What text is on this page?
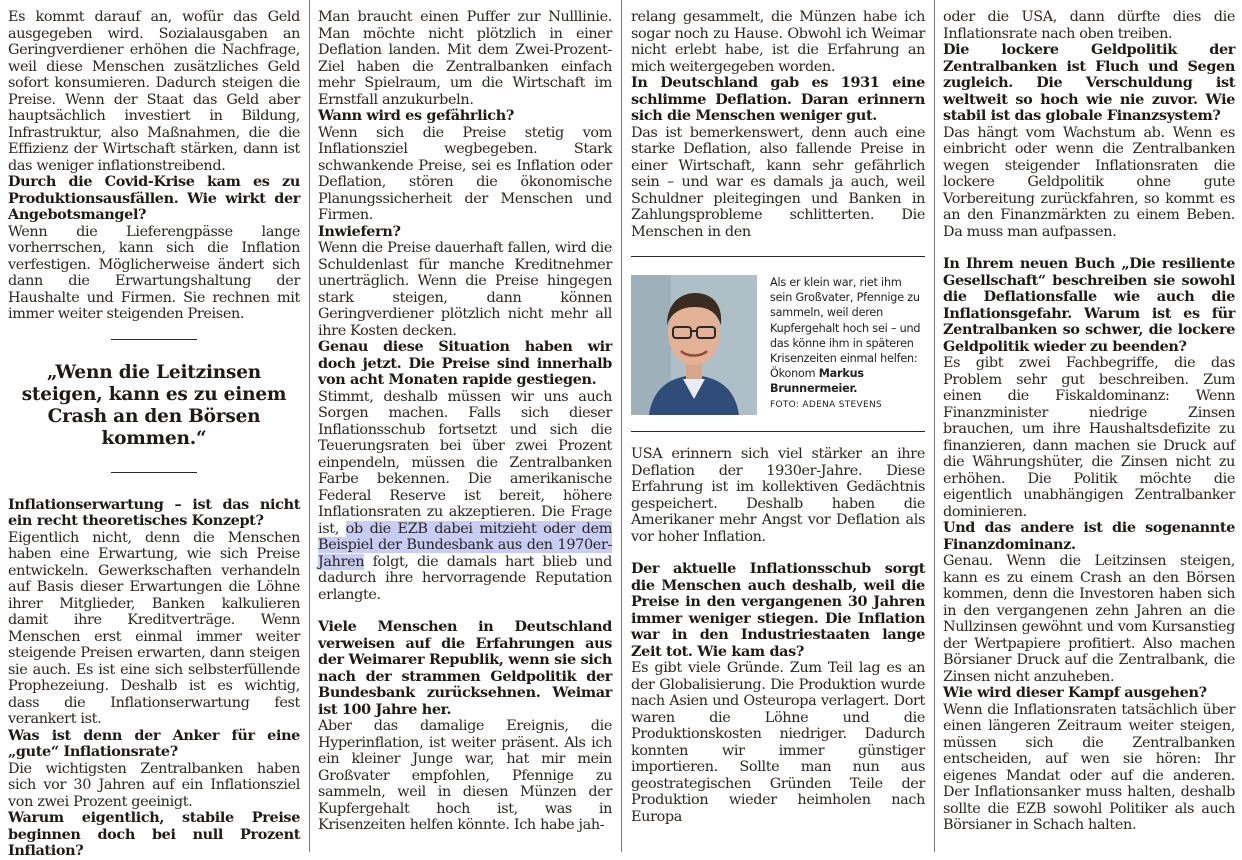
Es kommt darauf an, wofür das Geld ausgegeben wird. Sozialausgaben an Geringverdiener erhöhen die Nachfrage, weil diese Menschen zusätzliches Geld sofort konsumieren. Dadurch steigen die Preise. Wenn der Staat das Geld aber hauptsächlich investiert in Bildung, Infrastruktur, also Maßnahmen, die die Effizienz der Wirtschaft stärken, dann ist das weniger inflationstreibend.

Durch die Covid-Krise kam es zu Produktionsausfällen. Wie wirkt der Angebotsmangel?

Wenn die Lieferengpässe lange vorherrschen, kann sich die Inflation verfestigen. Möglicherweise ändert sich dann die Erwartungshaltung der Haushalte und Firmen. Sie rechnen mit immer weiter steigenden Preisen.

„Wenn die Leitzinsen steigen, kann es zu einem Crash an den Börsen kommen.“

Inflationserwartung – ist das nicht ein recht theoretisches Konzept?

Eigentlich nicht, denn die Menschen haben eine Erwartung, wie sich Preise entwickeln. Gewerkschaften verhandeln auf Basis dieser Erwartungen die Löhne ihrer Mitglieder, Banken kalkulieren damit ihre Kreditverträge. Wenn Menschen erst einmal immer weiter steigende Preisen erwarten, dann steigen sie auch. Es ist eine sich selbsterfüllende Prophezeiung. Deshalb ist es wichtig, dass die Inflationserwartung fest verankert ist.

Was ist denn der Anker für eine „gute“ Inflationsrate?

Die wichtigsten Zentralbanken haben sich vor 30 Jahren auf ein Inflationsziel von zwei Prozent geeinigt.

Warum eigentlich, stabile Preise beginnen doch bei null Prozent Inflation?

Man braucht einen Puffer zur Nulllinie. Man möchte nicht plötzlich in einer Deflation landen. Mit dem Zwei-Prozent-Ziel haben die Zentralbanken einfach mehr Spielraum, um die Wirtschaft im Ernstfall anzukurbeln.

Wann wird es gefährlich?

Wenn sich die Preise stetig vom Inflationsziel wegbegeben. Stark schwankende Preise, sei es Inflation oder Deflation, stören die ökonomische Planungssicherheit der Menschen und Firmen.

Inwiefern?

Wenn die Preise dauerhaft fallen, wird die Schuldenlast für manche Kreditnehmer unerträglich. Wenn die Preise hingegen stark steigen, dann können Geringverdiener plötzlich nicht mehr all ihre Kosten decken.

Genau diese Situation haben wir doch jetzt. Die Preise sind innerhalb von acht Monaten rapide gestiegen.

Stimmt, deshalb müssen wir uns auch Sorgen machen. Falls sich dieser Inflationsschub fortsetzt und sich die Teuerungsraten bei über zwei Prozent einpendeln, müssen die Zentralbanken Farbe bekennen. Die amerikanische Federal Reserve ist bereit, höhere Inflationsraten zu akzeptieren. Die Frage ist, ob die EZB dabei mitzieht oder dem Beispiel der Bundesbank aus den 1970er-Jahren folgt, die damals hart blieb und dadurch ihre hervorragende Reputation erlangte.

Viele Menschen in Deutschland verweisen auf die Erfahrungen aus der Weimarer Republik, wenn sie sich nach der strammen Geldpolitik der Bundesbank zurücksehnen. Weimar ist 100 Jahre her.

Aber das damalige Ereignis, die Hyperinflation, ist weiter präsent. Als ich ein kleiner Junge war, hat mir mein Großvater empfohlen, Pfennige zu sammeln, weil in diesen Münzen der Kupfergehalt hoch ist, was in Krisenzeiten helfen könnte. Ich habe jah-

relang gesammelt, die Münzen habe ich sogar noch zu Hause. Obwohl ich Weimar nicht erlebt habe, ist die Erfahrung an mich weitergegeben worden.

In Deutschland gab es 1931 eine schlimme Deflation. Daran erinnern sich die Menschen weniger gut.

Das ist bemerkenswert, denn auch eine starke Deflation, also fallende Preise in einer Wirtschaft, kann sehr gefährlich sein – und war es damals ja auch, weil Schuldner pleitegingen und Banken in Zahlungsprobleme schlitterten. Die Menschen in den

Als er klein war, riet ihm sein Großvater, Pfennige zu sammeln, weil deren Kupfergehalt hoch sei – und das könne ihm in späteren Krisenzeiten einmal helfen: Ökonom Markus Brunnermeier.
FOTO: ADENA STEVENS

USA erinnern sich viel stärker an ihre Deflation der 1930er-Jahre. Diese Erfahrung ist im kollektiven Gedächtnis gespeichert. Deshalb haben die Amerikaner mehr Angst vor Deflation als vor hoher Inflation.

Der aktuelle Inflationsschub sorgt die Menschen auch deshalb, weil die Preise in den vergangenen 30 Jahren immer weniger stiegen. Die Inflation war in den Industriestaaten lange Zeit tot. Wie kam das?

Es gibt viele Gründe. Zum Teil lag es an der Globalisierung. Die Produktion wurde nach Asien und Osteuropa verlagert. Dort waren die Löhne und die Produktionskosten niedriger. Dadurch konnten wir immer günstiger importieren. Sollte man nun aus geostrategischen Gründen Teile der Produktion wieder heimholen nach Europa

oder die USA, dann dürfte dies die Inflationsrate nach oben treiben.

Die lockere Geldpolitik der Zentralbanken ist Fluch und Segen zugleich. Die Verschuldung ist weltweit so hoch wie nie zuvor. Wie stabil ist das globale Finanzsystem?

Das hängt vom Wachstum ab. Wenn es einbricht oder wenn die Zentralbanken wegen steigender Inflationsraten die lockere Geldpolitik ohne gute Vorbereitung zurückfahren, so kommt es an den Finanzmärkten zu einem Beben. Da muss man aufpassen.

In Ihrem neuen Buch „Die resiliente Gesellschaft“ beschreiben sie sowohl die Deflationsfalle wie auch die Inflationsgefahr. Warum ist es für Zentralbanken so schwer, die lockere Geldpolitik wieder zu beenden?

Es gibt zwei Fachbegriffe, die das Problem sehr gut beschreiben. Zum einen die Fiskaldominanz: Wenn Finanzminister niedrige Zinsen brauchen, um ihre Haushaltsdefizite zu finanzieren, dann machen sie Druck auf die Währungshüter, die Zinsen nicht zu erhöhen. Die Politik möchte die eigentlich unabhängigen Zentralbanker dominieren.

Und das andere ist die sogenannte Finanzdominanz.

Genau. Wenn die Leitzinsen steigen, kann es zu einem Crash an den Börsen kommen, denn die Investoren haben sich in den vergangenen zehn Jahren an die Nullzinsen gewöhnt und vom Kursanstieg der Wertpapiere profitiert. Also machen Börsianer Druck auf die Zentralbank, die Zinsen nicht anzuheben.

Wie wird dieser Kampf ausgehen?

Wenn die Inflationsraten tatsächlich über einen längeren Zeitraum weiter steigen, müssen sich die Zentralbanken entscheiden, auf wen sie hören: Ihr eigenes Mandat oder auf die anderen. Der Inflationsanker muss halten, deshalb sollte die EZB sowohl Politiker als auch Börsianer in Schach halten.
